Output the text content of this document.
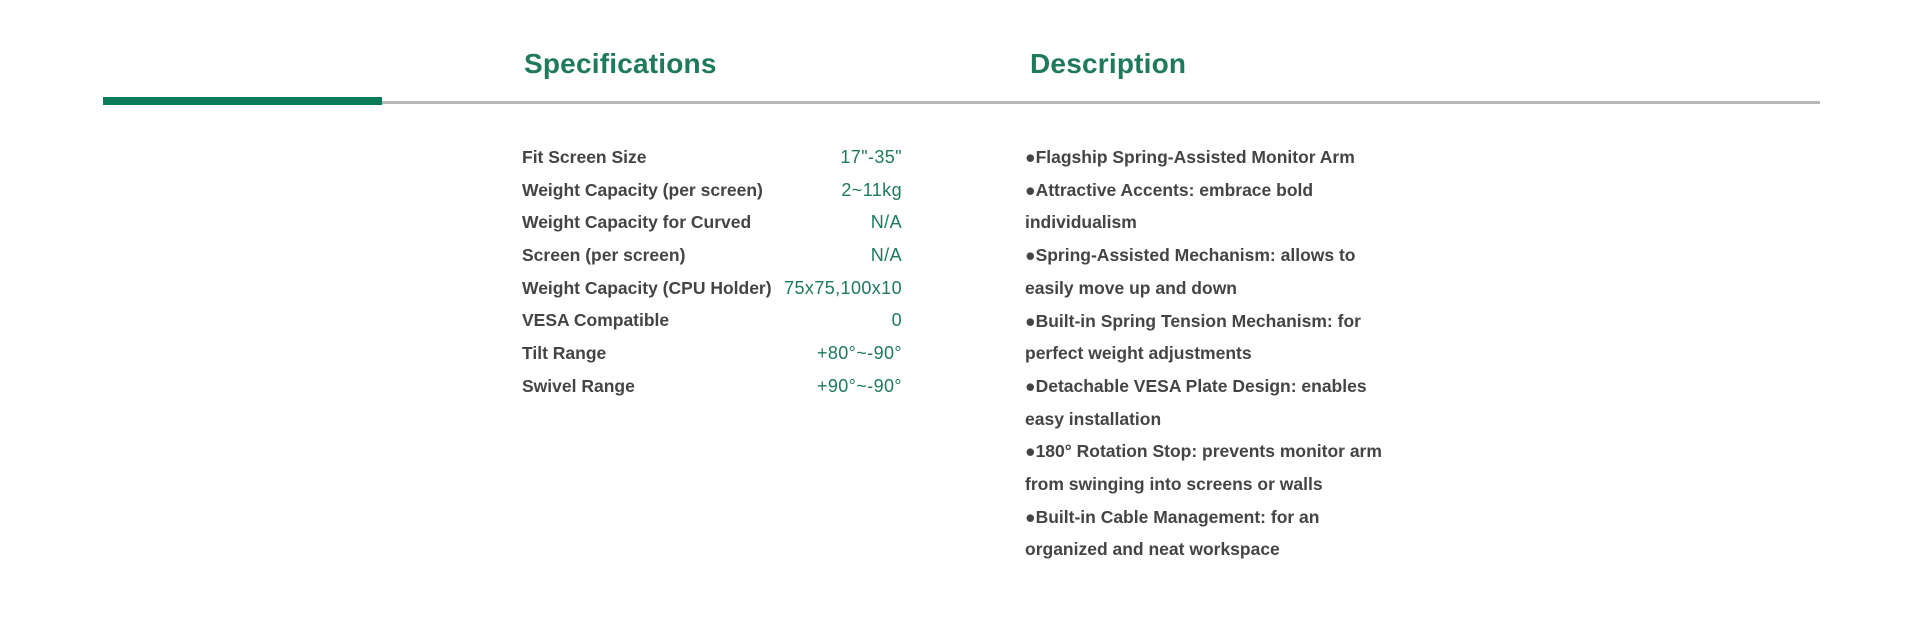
Specifications	Description
Fit Screen Size	17"-35"
Weight Capacity (per screen)	2~11kg
Weight Capacity for Curved	N/A
Screen (per screen)	N/A
Weight Capacity (CPU Holder) 75x75,100x10
VESA Compatible	0
Tilt Range	+80°~-90°
Swivel Range	+90°~-90°
●Flagship Spring-Assisted Monitor Arm
●Attractive Accents: embrace bold individualism
●Spring-Assisted Mechanism: allows to easily move up and down
●Built-in Spring Tension Mechanism: for perfect weight adjustments
●Detachable VESA Plate Design: enables easy installation
●180° Rotation Stop: prevents monitor arm from swinging into screens or walls
●Built-in Cable Management: for an organized and neat workspace
